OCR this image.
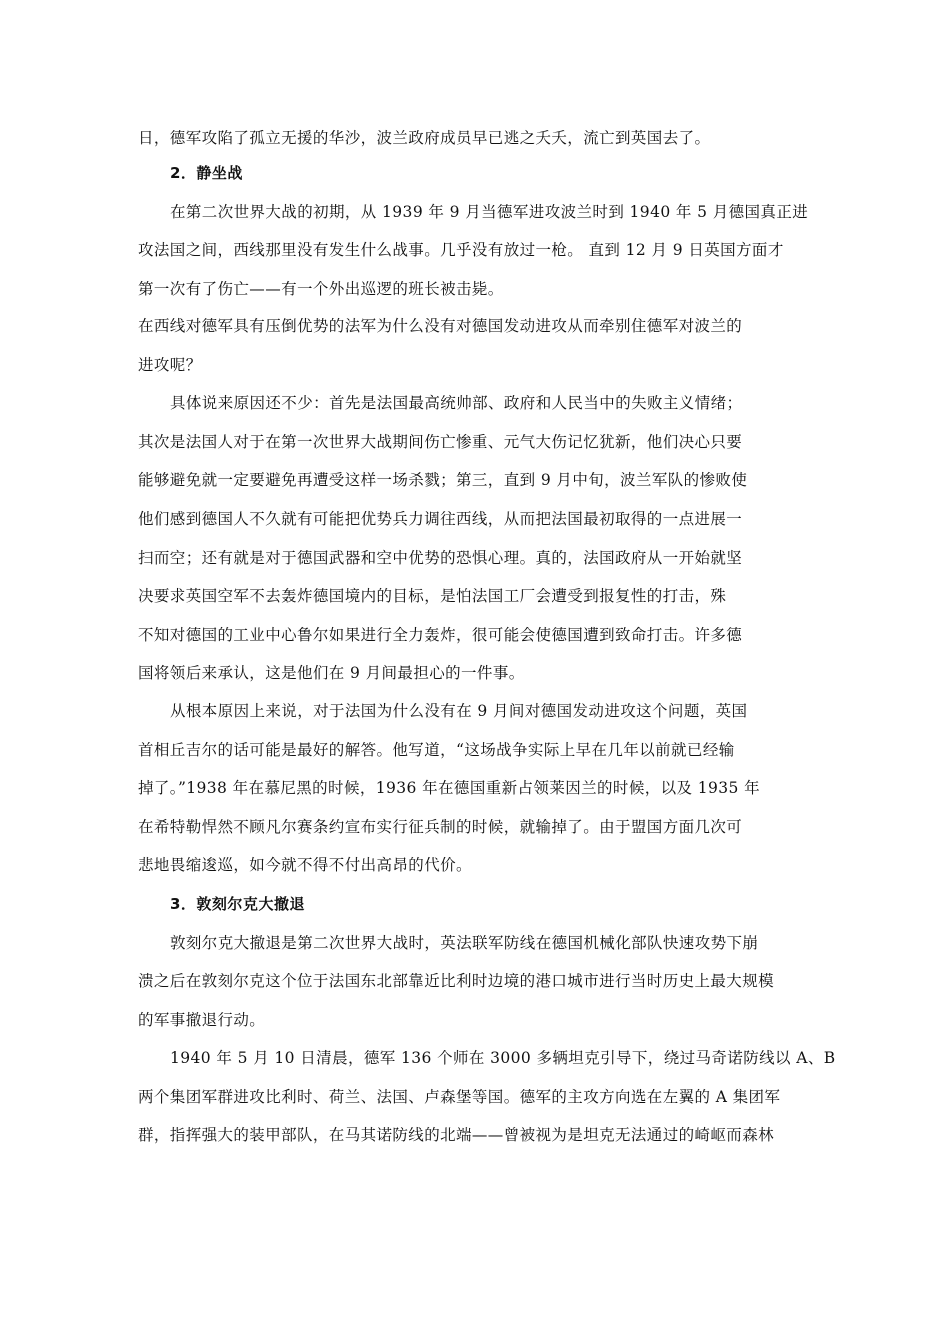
日，德军攻陷了孤立无援的华沙，波兰政府成员早已逃之夭夭，流亡到英国去了。
2．静坐战
在第二次世界大战的初期，从 1939 年 9 月当德军进攻波兰时到 1940 年 5 月德国真正进
攻法国之间，西线那里没有发生什么战事。几乎没有放过一枪。 直到 12 月 9 日英国方面才
第一次有了伤亡——有一个外出巡逻的班长被击毙。
在西线对德军具有压倒优势的法军为什么没有对德国发动进攻从而牵别住德军对波兰的
进攻呢？
具体说来原因还不少：首先是法国最高统帅部、政府和人民当中的失败主义情绪；
其次是法国人对于在第一次世界大战期间伤亡惨重、元气大伤记忆犹新，他们决心只要
能够避免就一定要避免再遭受这样一场杀戮；第三，直到 9 月中旬，波兰军队的惨败使
他们感到德国人不久就有可能把优势兵力调往西线，从而把法国最初取得的一点进展一
扫而空；还有就是对于德国武器和空中优势的恐惧心理。真的，法国政府从一开始就坚
决要求英国空军不去轰炸德国境内的目标，是怕法国工厂会遭受到报复性的打击，殊
不知对德国的工业中心鲁尔如果进行全力轰炸，很可能会使德国遭到致命打击。许多德
国将领后来承认，这是他们在 9 月间最担心的一件事。
从根本原因上来说，对于法国为什么没有在 9 月间对德国发动进攻这个问题，英国
首相丘吉尔的话可能是最好的解答。他写道，“这场战争实际上早在几年以前就已经输
掉了。”1938 年在慕尼黑的时候，1936 年在德国重新占领莱因兰的时候，以及 1935 年
在希特勒悍然不顾凡尔赛条约宣布实行征兵制的时候，就输掉了。由于盟国方面几次可
悲地畏缩逡巡，如今就不得不付出高昂的代价。
3．敦刻尔克大撤退
敦刻尔克大撤退是第二次世界大战时，英法联军防线在德国机械化部队快速攻势下崩
溃之后在敦刻尔克这个位于法国东北部靠近比利时边境的港口城市进行当时历史上最大规模
的军事撤退行动。
1940 年 5 月 10 日清晨，德军 136 个师在 3000 多辆坦克引导下，绕过马奇诺防线以 A、B
两个集团军群进攻比利时、荷兰、法国、卢森堡等国。德军的主攻方向选在左翼的 A 集团军
群，指挥强大的装甲部队，在马其诺防线的北端——曾被视为是坦克无法通过的崎岖而森林
